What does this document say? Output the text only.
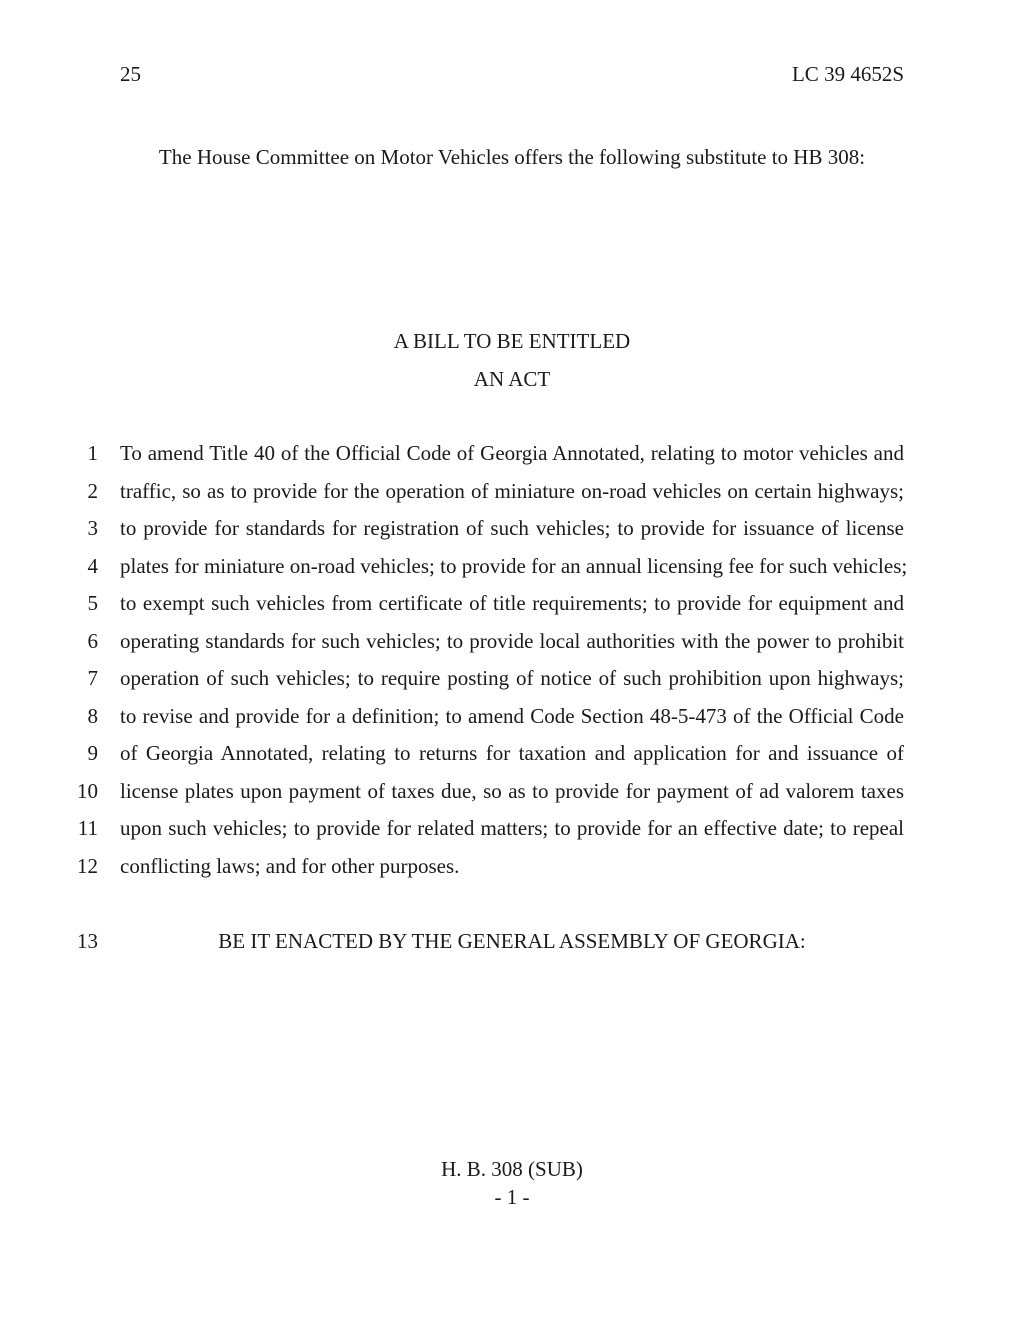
25	LC 39 4652S
The House Committee on Motor Vehicles offers the following substitute to HB 308:
A BILL TO BE ENTITLED
AN ACT
1 To amend Title 40 of the Official Code of Georgia Annotated, relating to motor vehicles and
2 traffic, so as to provide for the operation of miniature on-road vehicles on certain highways;
3 to provide for standards for registration of such vehicles; to provide for issuance of license
4 plates for miniature on-road vehicles; to provide for an annual licensing fee for such vehicles;
5 to exempt such vehicles from certificate of title requirements; to provide for equipment and
6 operating standards for such vehicles; to provide local authorities with the power to prohibit
7 operation of such vehicles; to require posting of notice of such prohibition upon highways;
8 to revise and provide for a definition; to amend Code Section 48-5-473 of the Official Code
9 of Georgia Annotated, relating to returns for taxation and application for and issuance of
10 license plates upon payment of taxes due, so as to provide for payment of ad valorem taxes
11 upon such vehicles; to provide for related matters; to provide for an effective date; to repeal
12 conflicting laws; and for other purposes.
13	BE IT ENACTED BY THE GENERAL ASSEMBLY OF GEORGIA:
H. B. 308 (SUB)
- 1 -
